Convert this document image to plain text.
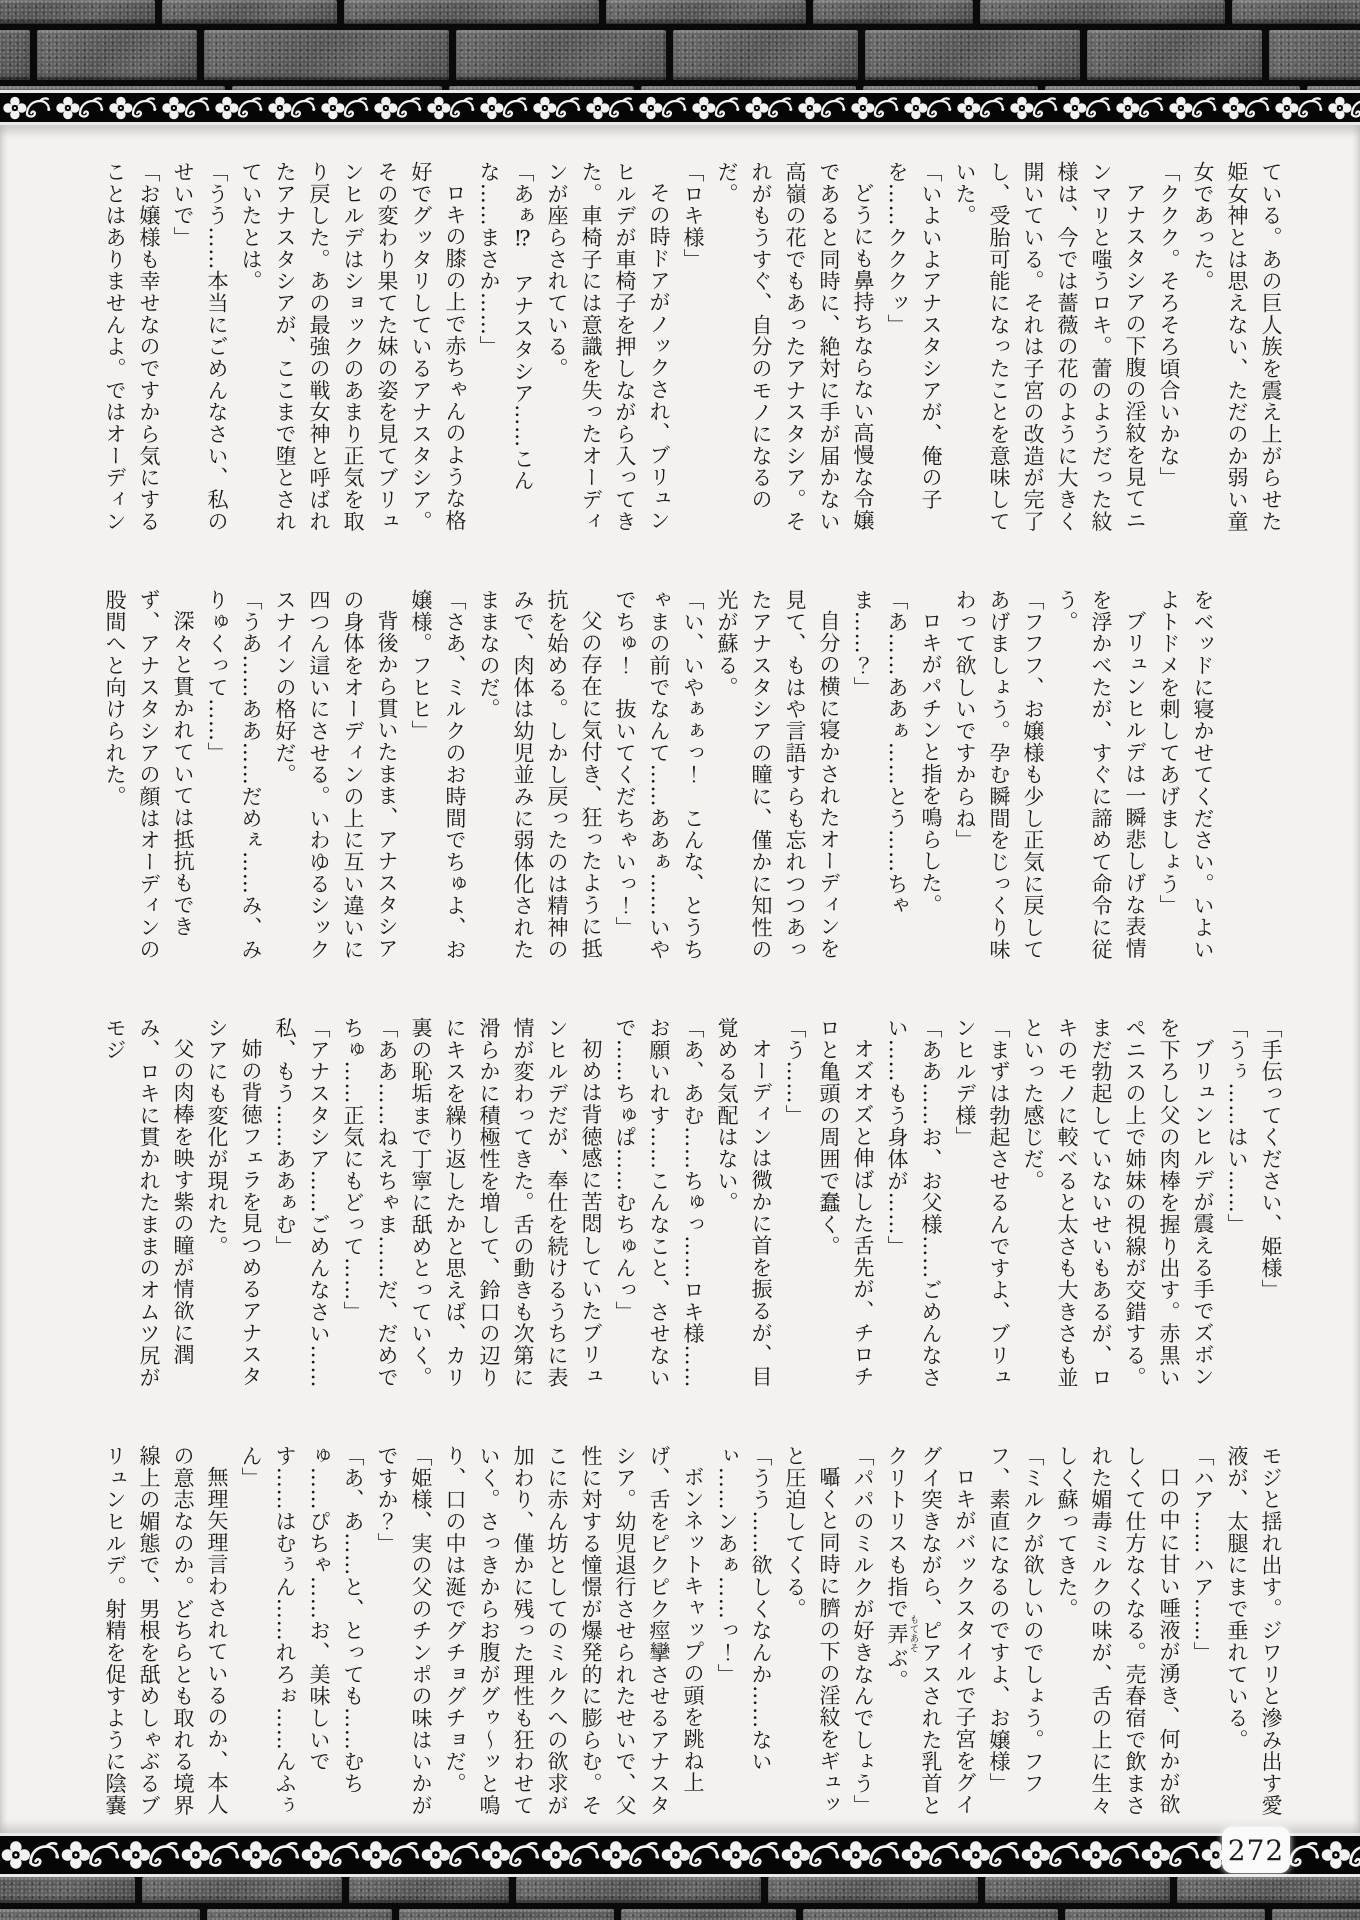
ている。あの巨人族を震え上がらせた姫女神とは思えない、ただのか弱い童女であった。

「ククク。そろそろ頃合いかな」

アナスタシアの下腹の淫紋を見てニンマリと嗤うロキ。蕾のようだった紋様は、今では薔薇の花のように大きく開いている。それは子宮の改造が完了し、受胎可能になったことを意味していた。

「いよいよアナスタシアが、俺の子を……クククッ」

どうにも鼻持ちならない高慢な令嬢であると同時に、絶対に手が届かない高嶺の花でもあったアナスタシア。それがもうすぐ、自分のモノになるのだ。

「ロキ様」

その時ドアがノックされ、ブリュンヒルデが車椅子を押しながら入ってきた。車椅子には意識を失ったオーディンが座らされている。

「あぁ⁉　アナスタシア……こんな……まさか……」

ロキの膝の上で赤ちゃんのような格好でグッタリしているアナスタシア。その変わり果てた妹の姿を見てブリュンヒルデはショックのあまり正気を取り戻した。あの最強の戦女神と呼ばれたアナスタシアが、ここまで堕とされていたとは。

「うう……本当にごめんなさい、私のせいで」

「お嬢様も幸せなのですから気にすることはありませんよ。ではオーディン

をベッドに寝かせてください。いよいよトドメを刺してあげましょう」

ブリュンヒルデは一瞬悲しげな表情を浮かべたが、すぐに諦めて命令に従う。

「フフフ、お嬢様も少し正気に戻してあげましょう。孕む瞬間をじっくり味わって欲しいですからね」

ロキがパチンと指を鳴らした。

「あ……ああぁ……とう……ちゃま……？」

自分の横に寝かされたオーディンを見て、もはや言語すらも忘れつつあったアナスタシアの瞳に、僅かに知性の光が蘇る。

「い、いやぁぁっ！　こんな、とうちゃまの前でなんて……ああぁ……いやでちゅ！　抜いてくだちゃいっ！」

父の存在に気付き、狂ったように抵抗を始める。しかし戻ったのは精神のみで、肉体は幼児並みに弱体化されたままなのだ。

「さあ、ミルクのお時間でちゅよ、お嬢様。フヒヒ」

背後から貫いたまま、アナスタシアの身体をオーディンの上に互い違いに四つん這いにさせる。いわゆるシックスナインの格好だ。

「うあ……ああ……だめぇ……み、みりゅくって……」

深々と貫かれていては抵抗もできず、アナスタシアの顔はオーディンの股間へと向けられた。

「手伝ってください、姫様」

「うぅ……はい……」

ブリュンヒルデが震える手でズボンを下ろし父の肉棒を握り出す。赤黒いペニスの上で姉妹の視線が交錯する。まだ勃起していないせいもあるが、ロキのモノに較べると太さも大きさも並といった感じだ。

「まずは勃起させるんですよ、ブリュンヒルデ様」

「ああ……お、お父様……ごめんなさい……もう身体が……」

オズオズと伸ばした舌先が、チロチロと亀頭の周囲で蠢く。

「う……」

オーディンは微かに首を振るが、目覚める気配はない。

「あ、あむ……ちゅっ……ロキ様……お願いれす……こんなこと、させないで……ちゅぱ……むちゅんっ」

初めは背徳感に苦悶していたブリュンヒルデだが、奉仕を続けるうちに表情が変わってきた。舌の動きも次第に滑らかに積極性を増して、鈴口の辺りにキスを繰り返したかと思えば、カリ裏の恥垢まで丁寧に舐めとっていく。

「ああ……ねえちゃま……だ、だめでちゅ……正気にもどって……」

「アナスタシア……ごめんなさい……私、もう……ああぁむ」

姉の背徳フェラを見つめるアナスタシアにも変化が現れた。

父の肉棒を映す紫の瞳が情欲に潤み、ロキに貫かれたままのオムツ尻がモジ

モジと揺れ出す。ジワリと滲み出す愛液が、太腿にまで垂れている。

「ハア……ハア……」

口の中に甘い唾液が湧き、何かが欲しくて仕方なくなる。売春宿で飲まされた媚毒ミルクの味が、舌の上に生々しく蘇ってきた。

「ミルクが欲しいのでしょう。フフフ、素直になるのですよ、お嬢様」

ロキがバックスタイルで子宮をグイグイ突きながら、ピアスされた乳首とクリトリスも指で弄もてあそぶ。

「パパのミルクが好きなんでしょう」

囁くと同時に臍の下の淫紋をギュッと圧迫してくる。

「うう……欲しくなんか……ないぃ……ンあぁ……っ！」

ボンネットキャップの頭を跳ね上げ、舌をピクピク痙攣させるアナスタシア。幼児退行させられたせいで、父性に対する憧憬が爆発的に膨らむ。そこに赤ん坊としてのミルクへの欲求が加わり、僅かに残った理性も狂わせていく。さっきからお腹がグゥ～ッと鳴り、口の中は涎でグチョグチョだ。

「姫様、実の父のチンポの味はいかがですか？」

「あ、あ……と、とっても……むちゅ……ぴちゃ……お、美味しいです……はむぅん……れろぉ……んふぅん」

無理矢理言わされているのか、本人の意志なのか。どちらとも取れる境界線上の媚態で、男根を舐めしゃぶるブリュンヒルデ。射精を促すように陰嚢

272
